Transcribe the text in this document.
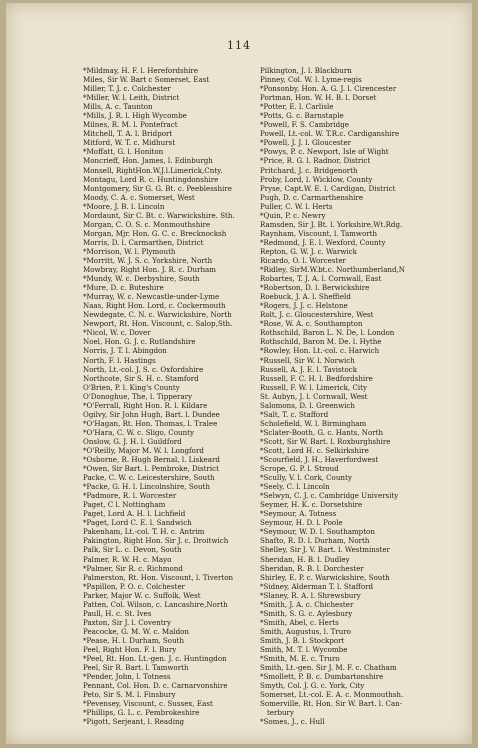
114
*Mildmay, H. F. l. Herefordshire
Miles, Sir W. Bart c Somerset, East
Miller, T. J. c. Colchester
*Miller, W. l. Leith, District
Mills, A. c. Taunton
*Mills, J. R. l. High Wycombe
Milnes, R. M. l. Pontefract
Mitchell, T. A. l. Bridport
Mitford, W. T. c. Midhurst
*Moffatt, G. l. Honiton
Moncrieff, Hon. James, l. Edinburgh
Monsell, RightHon.W.J.l.Limerick,Cnty.
Montagu, Lord R. c. Huntingdonshire
Montgomery, Sir G. G. Bt. c. Peeblesshire
Moody, C. A. c. Somerset, West
*Moore, J. B. l. Lincoln
Mordaunt, Sir C. Bt. c. Warwickshire. Sth.
Morgan, C. O. S. c. Monmouthshire
Morgan, Mjr. Hon. G. C. c. Brecknocksh
Morris, D. l. Carmarthen, District
*Morrison, W. l. Plymouth
*Morritt, W. J. S. c. Yorkshire, North
Mowbray, Right Hon. J. R. c. Durham
*Mundy, W. c. Derbyshire, South
*Mure, D. c. Buteshire
*Murray, W. c. Newcastle-under-Lyme
Naas, Right Hon. Lord, c. Cockermouth
Newdegate, C. N. c. Warwickshire, North
Newport, Rt. Hon. Viscount, c. Salop,Sth.
*Nicol, W. c. Dover
Noel, Hon. G. J. c. Rutlandshire
Norris, J. T. l. Abingdon
North, F. l. Hastings
North, Lt.-col. J. S. c. Oxfordshire
Northcote, Sir S. H. c. Stamford
O'Brien, P. l. King's County
O'Donoghue, The, l. Tipperary
*O'Ferrall, Right Hon. R. l. Kildare
Ogilvy, Sir John Hugh, Bart. l. Dundee
*O'Hagan, Rt. Hon. Thomas, l. Tralee
*O'Hara, C. W. c. Sligo, County
Onslow, G. J. H. l. Guildford
*O'Reilly, Major M. W. l. Longford
*Osborne, R. Hugh Bernal, l. Liskeard
*Owen, Sir Bart. l. Pembroke, District
Packe, C. W. c. Leicestershire, South
*Packe, G. H. l. Lincolnshire, South
*Padmore, R. l. Worcester
Paget, C l. Nottingham
Paget, Lord A. H. l. Lichfield
*Paget, Lord C. E. l. Sandwich
Pakenham, Lt.-col. T. H. c. Antrim
Pakington, Right Hon. Sir J. c. Droitwich
Palk, Sir L. c. Devon, South
Palmer, R. W. H. c. Mayo
*Palmer, Sir R. c. Richmond
Palmerston, Rt. Hon. Viscount, l. Tiverton
*Papillon, P. O. c. Colchester
Parker, Major W. c. Suffolk, West
Patten, Col. Wilson, c. Lancashire,North
Paull, H. c. St. Ives
Paxton, Sir J. l. Coventry
Peacocke, G. M. W. c. Maldon
*Pease, H. l. Durham, South
Peel, Right Hon. F. l. Bury
*Peel, Rt. Hon. Lt.-gen. J. c. Huntingdon
Peel, Sir R. Bart. l. Tamworth
*Pender, John, l. Totness
Pennant, Col. Hon. D. c. Carnarvonshire
Peto, Sir S. M. l. Finsbury
*Pevensey, Viscount, c. Sussex, East
*Phillips, G. L. c. Pembrokeshire
*Pigott, Serjeant, l. Reading
Pilkington, J. l. Blackburn
Pinney, Col. W. l. Lyme-regis
*Ponsonby, Hon. A. G. J. l. Cirencester
Portman, Hon. W. H. B. l. Dorset
*Potter, E. l. Carlisle
*Potts, G. c. Barnstaple
*Powell, F. S. Cambridge
Powell, Lt.-col. W. T.R.c. Cardiganshire
*Powell, J. J. l. Gloucester
*Powys, P. c. Newport, Isle of Wight
*Price, R. G. l. Radnor, District
Pritchard, J. c. Bridgenorth
Proby, Lord, l. Wicklow, County
Pryse, Capt.W. E. l. Cardigan, District
Pugh, D. c. Carmarthenshire
Puller, C. W. l. Herts
*Quin, P. c. Newry
Ramsden, Sir J. Bt. l. Yorkshire,Wt.Rdg.
Raynham, Viscount, l. Tamworth
*Redmond, J. E. l. Wexford, County
Repton, G. W. J. c. Warwick
Ricardo, O. l. Worcester
*Ridley, SirM.W.bt.c. Northumberland,N
Robartes, T. J. A. l. Cornwall, East
*Robertson, D. l. Berwickshire
Roebuck, J. A. l. Sheffield
*Rogers, J. J. c. Helstone
Rolt, J. c. Gloucestershire, West
*Rose, W. A. c. Southampton
Rothschild, Baron L. N. De, l. London
Rothschild, Baron M. De. l. Hythe
*Rowley, Hon. Lt.-col. c. Harwich
*Russell, Sir W. l. Norwich
Russell, A. J. E. l. Tavistock
Russell, F. C. H. l. Bedfordshire
Russell, F. W. l. Limerick, City
St. Aubyn, J. l. Cornwall, West
Salomons, D. l. Greenwich
*Salt, T. c. Stafford
Scholefield, W. l. Birmingham
*Sclater-Booth, G. c. Hants, North
*Scott, Sir W. Bart. l. Roxburghshire
*Scott, Lord H. c. Selkirkshire
*Scourfield, J. H., Haverfordwest
Scrope, G. P. l. Stroud
*Scully, V. l. Cork, County
*Seely, C. l. Lincoln
*Selwyn, C. J. c. Cambridge University
Seymer, H. K. c. Dorsetshire
*Seymour, A. Totness
Seymour, H. D. l. Poole
*Seymour, W. D. l. Southampton
Shafto, R. D. l. Durham, North
Shelley, Sir J. V. Bart. l. Westminster
Sheridan, H. B. l. Dudley
Sheridan, R. B. l. Dorchester
Shirley, E. P. c. Warwickshire, South
*Sidney, Alderman T. l. Stafford
*Slaney, R. A. l. Shrewsbury
*Smith, J. A. c. Chichester
*Smith, S. G. c. Aylesbury
*Smith, Abel, c. Herts
Smith, Augustus, l. Truro
Smith, J. B. l. Stockport
Smith, M. T. l. Wycombe
*Smith, M. E. c. Truro
Smith, Lt.-gen. Sir J. M. F. c. Chatham
*Smollett, P. B. c. Dumbartonshire
Smyth, Col. J. G. c. York, City
Somerset, Lt.-col. E. A. c. Monmouthsh.
Somerville, Rt. Hon. Sir W. Bart. l. Can-
terbury
*Somes, J., c. Hull
